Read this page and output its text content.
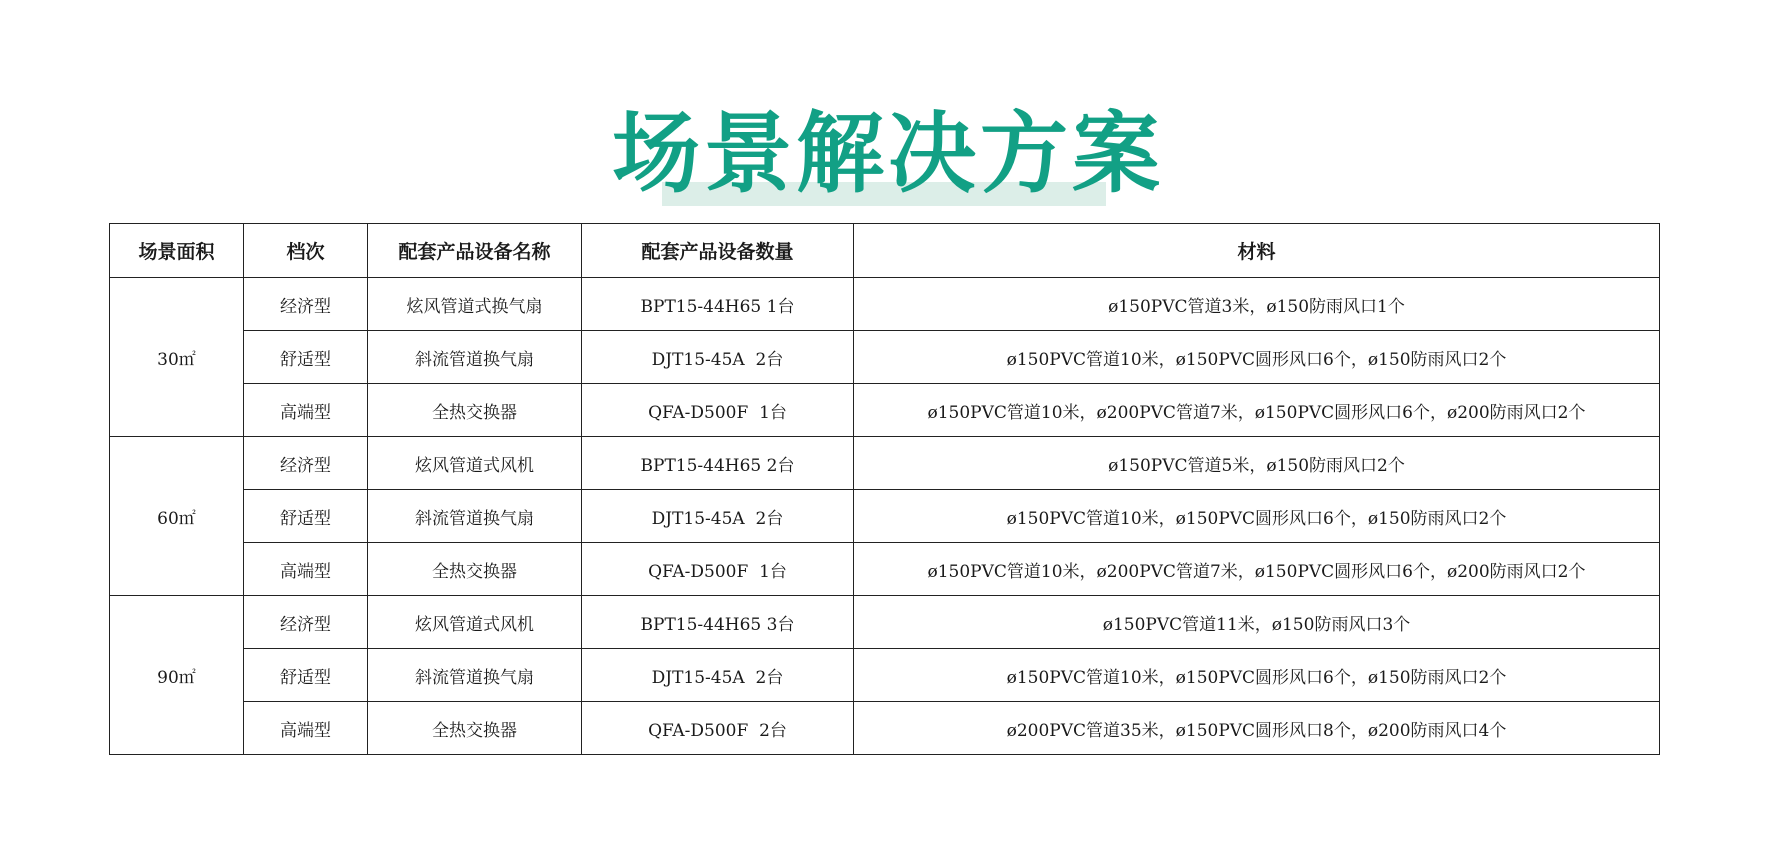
场景解决方案
场景面积	档次	配套产品设备名称	配套产品设备数量	材料
30㎡	经济型	炫风管道式换气扇	BPT15-44H65 1台	ø150PVC管道3米，ø150防雨风口1个
	舒适型	斜流管道换气扇	DJT15-45A  2台	ø150PVC管道10米，ø150PVC圆形风口6个，ø150防雨风口2个
	高端型	全热交换器	QFA-D500F  1台	ø150PVC管道10米，ø200PVC管道7米，ø150PVC圆形风口6个，ø200防雨风口2个
60㎡	经济型	炫风管道式风机	BPT15-44H65 2台	ø150PVC管道5米，ø150防雨风口2个
	舒适型	斜流管道换气扇	DJT15-45A  2台	ø150PVC管道10米，ø150PVC圆形风口6个，ø150防雨风口2个
	高端型	全热交换器	QFA-D500F  1台	ø150PVC管道10米，ø200PVC管道7米，ø150PVC圆形风口6个，ø200防雨风口2个
90㎡	经济型	炫风管道式风机	BPT15-44H65 3台	ø150PVC管道11米，ø150防雨风口3个
	舒适型	斜流管道换气扇	DJT15-45A  2台	ø150PVC管道10米，ø150PVC圆形风口6个，ø150防雨风口2个
	高端型	全热交换器	QFA-D500F  2台	ø200PVC管道35米，ø150PVC圆形风口8个，ø200防雨风口4个
